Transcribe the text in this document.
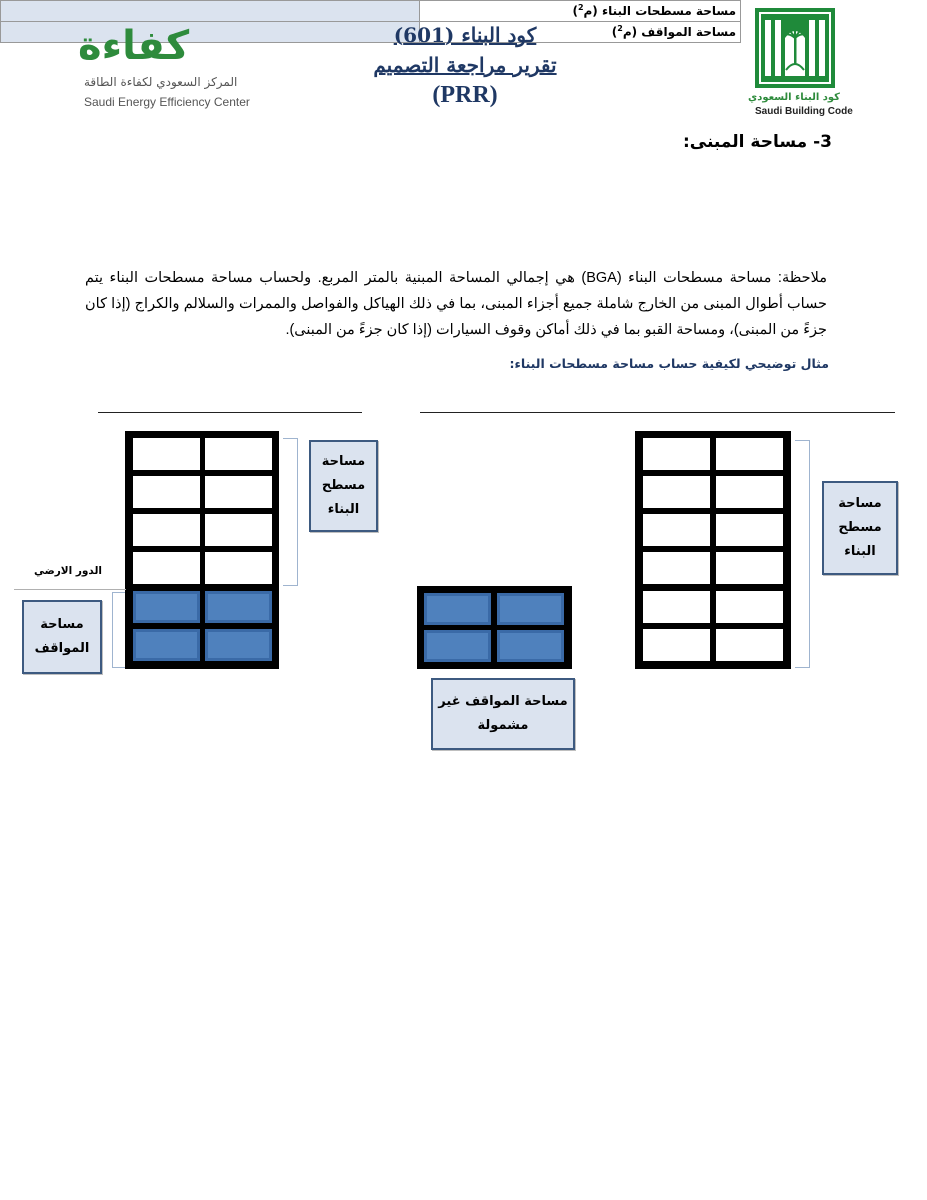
كفاءة
المركز السعودي لكفاءة الطاقة
Saudi Energy Efficiency Center
كود البناء (601)
تقرير مراجعة التصميم
(PRR)	كود البناء السعودي
Saudi Building Code
3- مساحة المبنى:
	مساحة مسطحات البناء (م$^2$)
	مساحة المواقف (م$^2$)
ملاحظة: مساحة مسطحات البناء (BGA) هي إجمالي المساحة المبنية بالمتر المربع. ولحساب مساحة مسطحات البناء يتم حساب أطوال المبنى من الخارج شاملة جميع أجزاء المبنى، بما في ذلك الهياكل والفواصل والممرات والسلالم والكراج (إذا كان جزءً من المبنى)، ومساحة القبو بما في ذلك أماكن وقوف السيارات (إذا كان جزءً من المبنى).
مثال توضيحي لكيفية حساب مساحة مسطحات البناء:
مساحة مسطح البناء
الدور الارضي
مساحة المواقف
مساحة المواقف غير مشمولة
مساحة مسطح البناء
